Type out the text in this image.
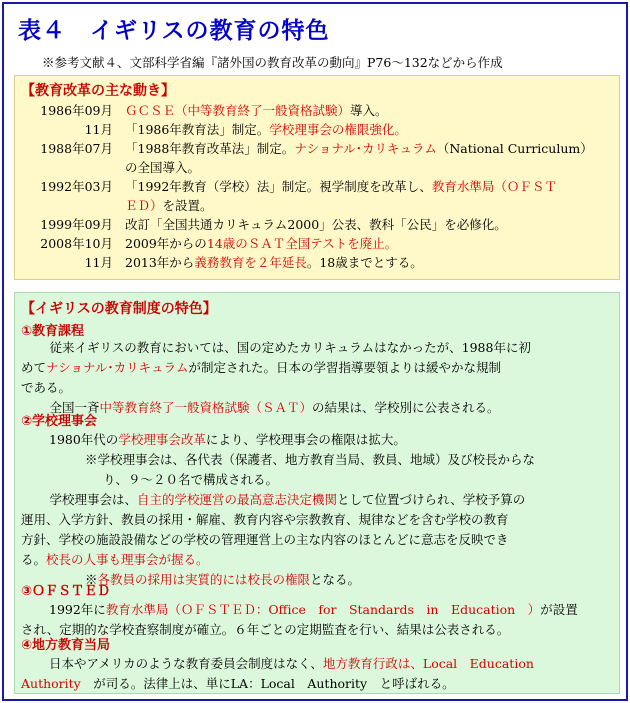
表４　イギリスの教育の特色
※参考文献４、文部科学省編『諸外国の教育改革の動向』P76～132などから作成
【教育改革の主な動き】
1986年09月 ＧＣＳＥ（中等教育終了一般資格試験）導入。
11月 「1986年教育法」制定。学校理事会の権限強化。
1988年07月 「1988年教育改革法」制定。ナショナル･カリキュラム（National Curriculum）
の全国導入。
1992年03月 「1992年教育（学校）法」制定。視学制度を改革し、教育水準局（ＯＦＳＴ
ＥＤ）を設置。
1999年09月 改訂「全国共通カリキュラム2000」公表、教科「公民」を必修化。
2008年10月 2009年からの14歳のＳＡＴ全国テストを廃止。
11月 2013年から義務教育を２年延長。18歳までとする。
【イギリスの教育制度の特色】
①教育課程
②学校理事会
③ＯＦＳＴＥＤ
④地方教育当局
　従来イギリスの教育においては、国の定めたカリキュラムはなかったが、1988年に初
めてナショナル･カリキュラムが制定された。日本の学習指導要領よりは緩やかな規制
である。
　全国一斉中等教育終了一般資格試験（ＳＡＴ）の結果は、学校別に公表される。
1980年代の学校理事会改革により、学校理事会の権限は拡大。
※学校理事会は、各代表（保護者、地方教育当局、教員、地域）及び校長からな
り、９～２０名で構成される。
　学校理事会は、自主的学校運営の最高意志決定機関として位置づけられ、学校予算の
運用、入学方針、教員の採用・解雇、教育内容や宗教教育、規律などを含む学校の教育
方針、学校の施設設備などの学校の管理運営上の主な内容のほとんどに意志を反映でき
る。校長の人事も理事会が握る。
※各教員の採用は実質的には校長の権限となる。
1992年に教育水準局（ＯＦＳＴＥＤ：Office　for　Standards　in　Education　）が設置
され、定期的な学校査察制度が確立。６年ごとの定期監査を行い、結果は公表される。
日本やアメリカのような教育委員会制度はなく、地方教育行政は、Local　Education
Authority　が司る。法律上は、単にLA：Local　Authority　と呼ばれる。
